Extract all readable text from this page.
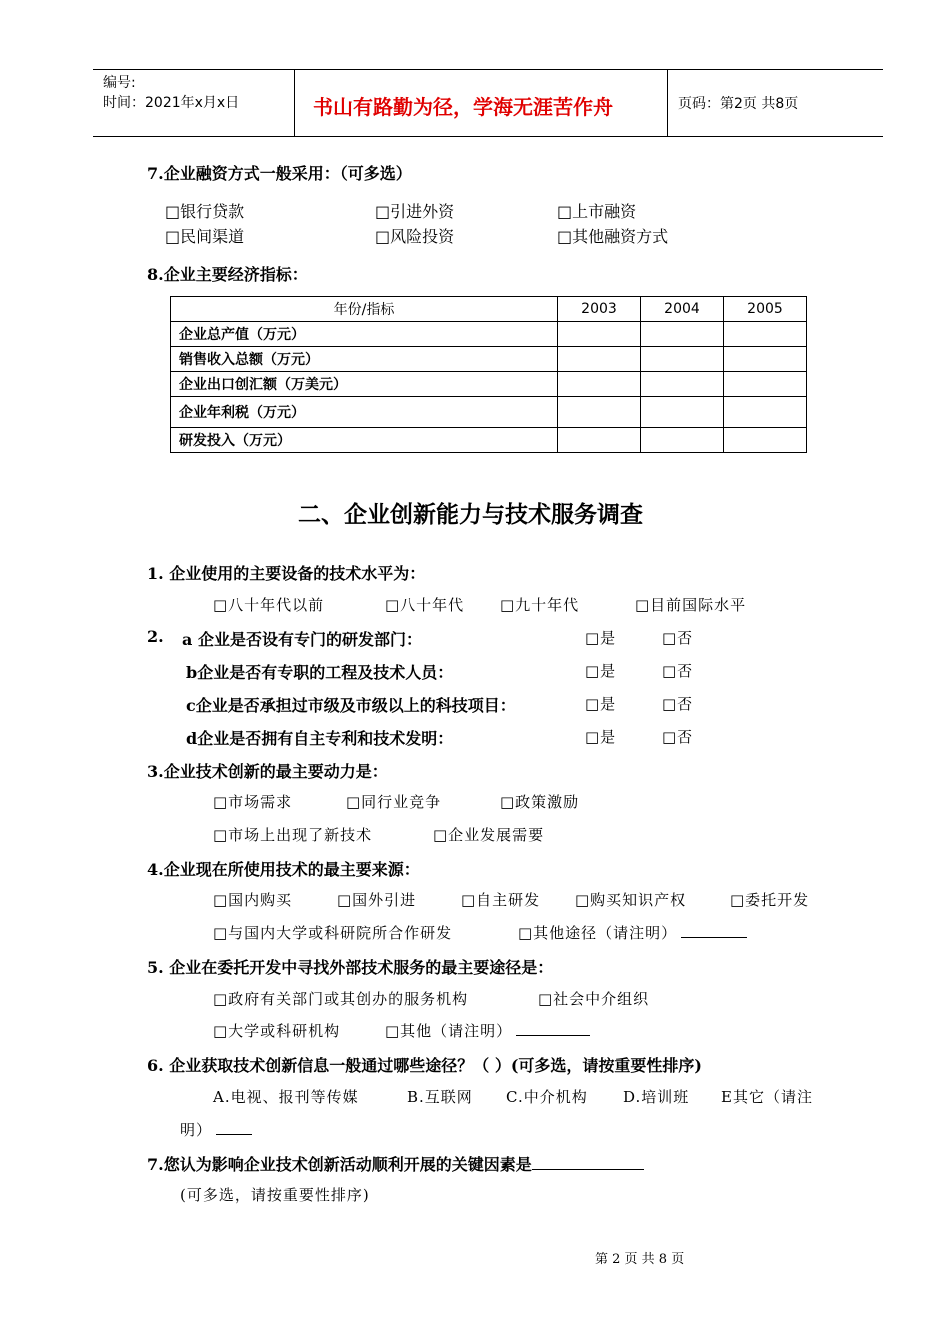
编号:
时间：2021年x月x日	书山有路勤为径，学海无涯苦作舟	页码：第2页 共8页
7.企业融资方式一般采用：（可多选）
□银行贷款	□引进外资	□上市融资
□民间渠道	□风险投资	□其他融资方式
8.企业主要经济指标：
年份/指标	2003	2004	2005
企业总产值（万元）			
销售收入总额（万元）			
企业出口创汇额（万美元）			
企业年利税（万元）			
研发投入（万元）			
二、企业创新能力与技术服务调查
1. 企业使用的主要设备的技术水平为：
□八十年代以前	□八十年代 □九十年代	□目前国际水平
2. a 企业是否设有专门的研发部门：	□是	□否
b企业是否有专职的工程及技术人员：	□是	□否
c企业是否承担过市级及市级以上的科技项目：	□是	□否
d企业是否拥有自主专利和技术发明：	□是	□否
3.企业技术创新的最主要动力是：
□市场需求	□同行业竞争	□政策激励
□市场上出现了新技术	□企业发展需要
4.企业现在所使用技术的最主要来源：
□国内购买	□国外引进	□自主研发 □购买知识产权	□委托开发
□与国内大学或科研院所合作研发	□其他途径（请注明）
5. 企业在委托开发中寻找外部技术服务的最主要途径是：
□政府有关部门或其创办的服务机构	□社会中介组织
□大学或科研机构	□其他（请注明）
6. 企业获取技术创新信息一般通过哪些途径？（ ）(可多选，请按重要性排序)
A.电视、报刊等传媒	B.互联网 C.中介机构 D.培训班 E其它（请注
明）
7.您认为影响企业技术创新活动顺利开展的关键因素是
(可多选，请按重要性排序)
第 2 页 共 8 页
